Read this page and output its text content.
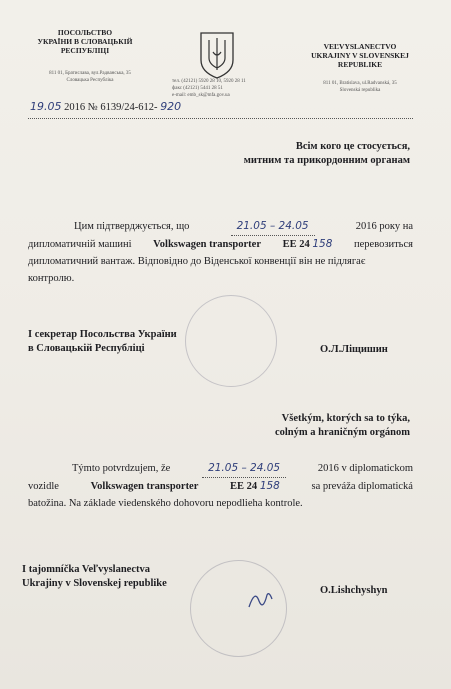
ПОСОЛЬСТВО
УКРАЇНИ В СЛОВАЦЬКІЙ
РЕСПУБЛІЦІ
811 01, Братислава, вул.Радванська, 35
Словацька Республіка	тел. (42121) 5920 28 10, 5920 28 11
факс (42121) 5441 28 51
e-mail: emb_sk@mfa.gov.ua
VEĽVYSLANECTVO
UKRAJINY V SLOVENSKEJ
REPUBLIKE
811 01, Bratislava, ul.Radvanská, 35
Slovenská republika
19.05 2016 № 6139/24-612- 920
Всім кого це стосується,
митним та прикордонним органам
Цим підтверджується, що	21.05 – 24.05	2016 року на
дипломатичній машині Volkswagen transporter EE 24 158 перевозиться
дипломатичний вантаж. Відповідно до Віденської конвенції він не підлягає
контролю.
I секретар Посольства України
в Словацькій Республіці	О.Л.Ліщишин
Všetkým, ktorých sa to týka,
colným a hraničným orgánom
Týmto potvrdzujem, že	21.05 – 24.05	2016 v diplomatickom
vozidle	Volkswagen transporter	EE 24 158	sa preváža diplomatická
batožina. Na základe viedenského dohovoru nepodlieha kontrole.
I tajomníčka Veľvyslanectva
Ukrajiny v Slovenskej republike
O.Lishchyshyn
